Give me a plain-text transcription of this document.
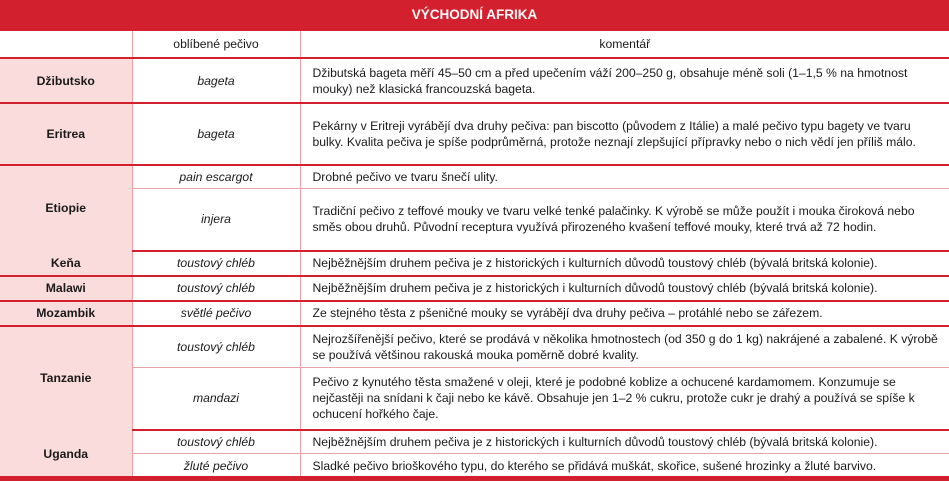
VÝCHODNÍ AFRIKA		
	oblíbené pečivo	komentář
Džibutsko	bageta	Džibutská bageta měří 45–50 cm a před upečením váží 200–250 g, obsahuje méně soli (1–1,5 % na hmotnost mouky) než klasická francouzská bageta.
Eritrea	bageta	Pekárny v Eritreji vyrábějí dva druhy pečiva: pan biscotto (původem z Itálie) a malé pečivo typu bagety ve tvaru bulky. Kvalita pečiva je spíše podprůměrná, protože neznají zlepšující přípravky nebo o nich vědí jen příliš málo.
Etiopie	pain escargot	Drobné pečivo ve tvaru šnečí ulity.
	injera	Tradiční pečivo z teffové mouky ve tvaru velké tenké palačinky. K výrobě se může použít i mouka čiroková nebo směs obou druhů. Původní receptura využívá přirozeného kvašení teffové mouky, které trvá až 72 hodin.
Keňa	toustový chléb	Nejběžnějším druhem pečiva je z historických i kulturních důvodů toustový chléb (bývalá britská kolonie).
Malawi	toustový chléb	Nejběžnějším druhem pečiva je z historických i kulturních důvodů toustový chléb (bývalá britská kolonie).
Mozambik	světlé pečivo	Ze stejného těsta z pšeničné mouky se vyrábějí dva druhy pečiva – protáhlé nebo se zářezem.
Tanzanie	toustový chléb	Nejrozšířenější pečivo, které se prodává v několika hmotnostech (od 350 g do 1 kg) nakrájené a zabalené. K výrobě se používá většinou rakouská mouka poměrně dobré kvality.
	mandazi	Pečivo z kynutého těsta smažené v oleji, které je podobné koblize a ochucené kardamomem. Konzumuje se nejčastěji na snídani k čaji nebo ke kávě. Obsahuje jen 1–2 % cukru, protože cukr je drahý a používá se spíše k ochucení hořkého čaje.
Uganda	toustový chléb	Nejběžnějším druhem pečiva je z historických i kulturních důvodů toustový chléb (bývalá britská kolonie).
	žluté pečivo	Sladké pečivo brioškového typu, do kterého se přidává muškát, skořice, sušené hrozinky a žluté barvivo.
